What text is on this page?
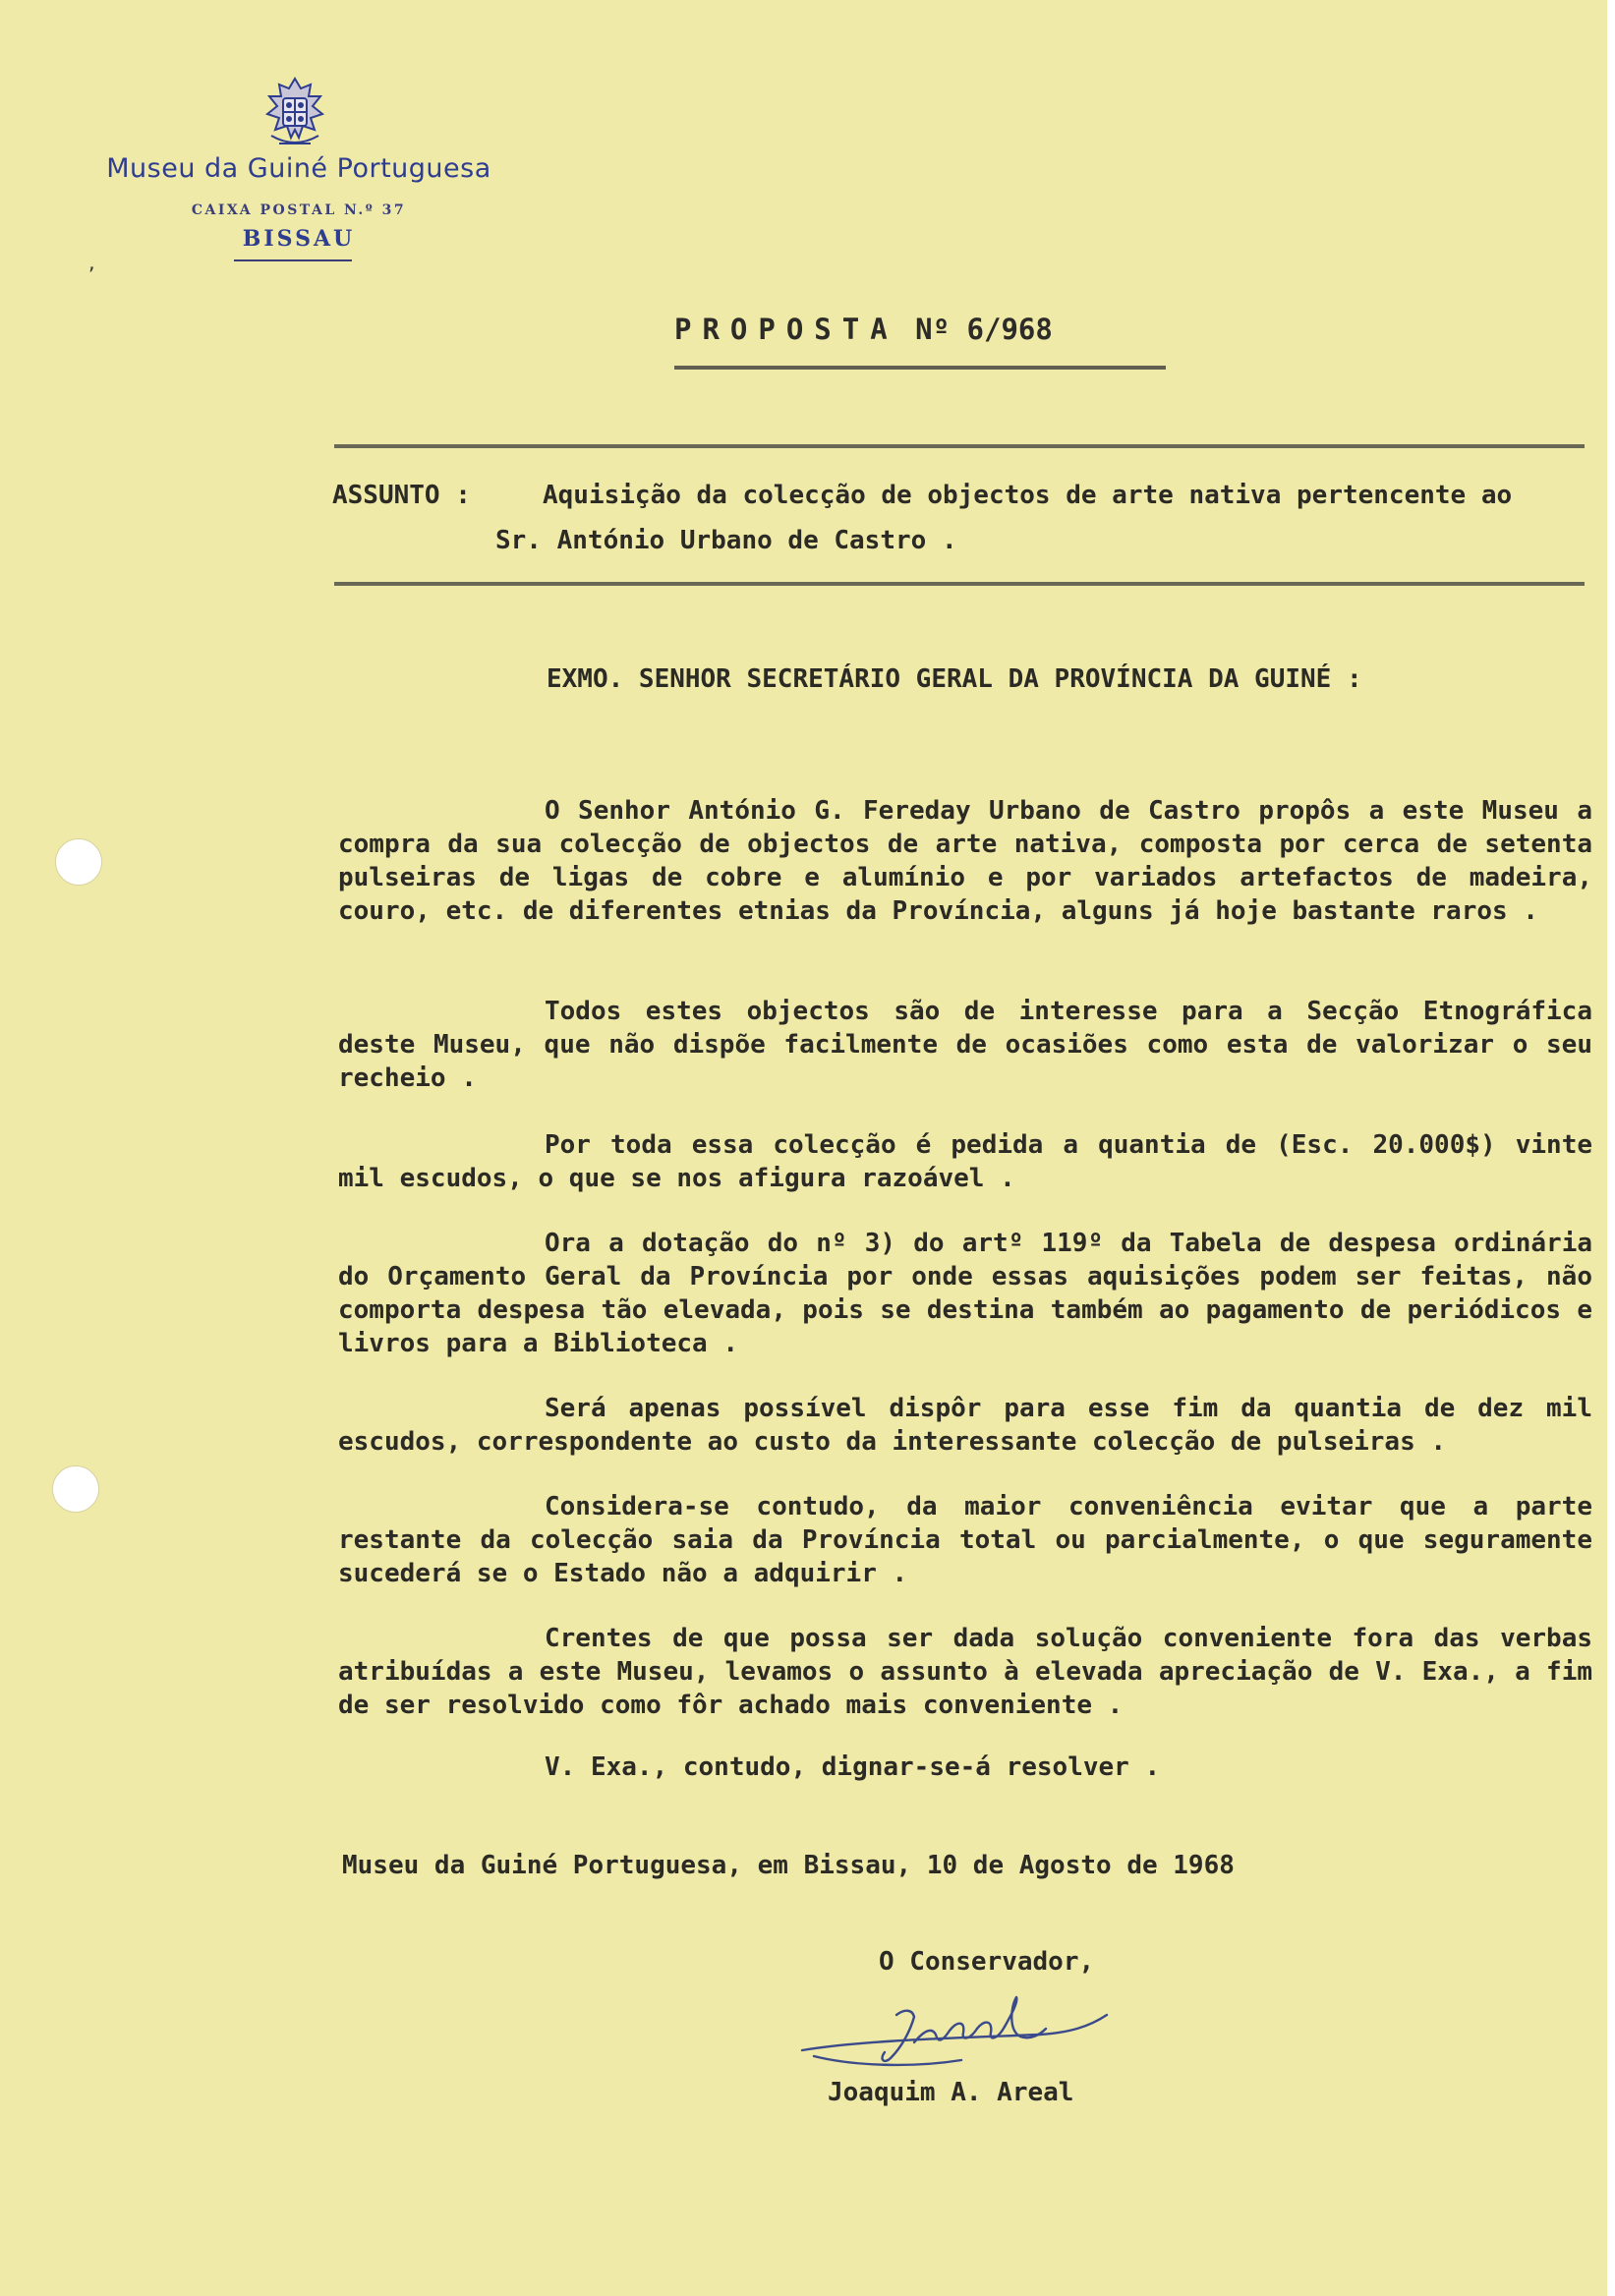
Museu da Guiné Portuguesa
CAIXA POSTAL N.º 37
BISSAU
,
PROPOSTA Nº 6/968
ASSUNTO :	Aquisição da colecção de objectos de arte nativa pertencente ao
Sr. António Urbano de Castro .
EXMO. SENHOR SECRETÁRIO GERAL DA PROVÍNCIA DA GUINÉ :

O Senhor António G. Fereday Urbano de Castro propôs a este Museu a compra da sua colecção de objectos de arte nativa, composta por cerca de setenta pulseiras de ligas de cobre e alumínio e por variados artefactos de madeira, couro, etc. de diferentes etnias da Província, alguns já hoje bastante raros .

Todos estes objectos são de interesse para a Secção Etnográfica deste Museu, que não dispõe facilmente de ocasiões como esta de valorizar o seu recheio .

Por toda essa colecção é pedida a quantia de (Esc. 20.000$) vinte mil escudos, o que se nos afigura razoável .

Ora a dotação do nº 3) do artº 119º da Tabela de despesa ordinária do Orçamento Geral da Província por onde essas aquisições podem ser feitas, não comporta despesa tão elevada, pois se destina também ao pagamento de periódicos e livros para a Biblioteca .

Será apenas possível dispôr para esse fim da quantia de dez mil escudos, correspondente ao custo da interessante colecção de pulseiras .

Considera-se contudo, da maior conveniência evitar que a parte restante da colecção saia da Província total ou parcialmente, o que seguramente sucederá se o Estado não a adquirir .

Crentes de que possa ser dada solução conveniente fora das verbas atribuídas a este Museu, levamos o assunto à elevada apreciação de V. Exa., a fim de ser resolvido como fôr achado mais conveniente .

V. Exa., contudo, dignar-se-á resolver .
Museu da Guiné Portuguesa, em Bissau, 10 de Agosto de 1968
O Conservador,
Joaquim A. Areal
